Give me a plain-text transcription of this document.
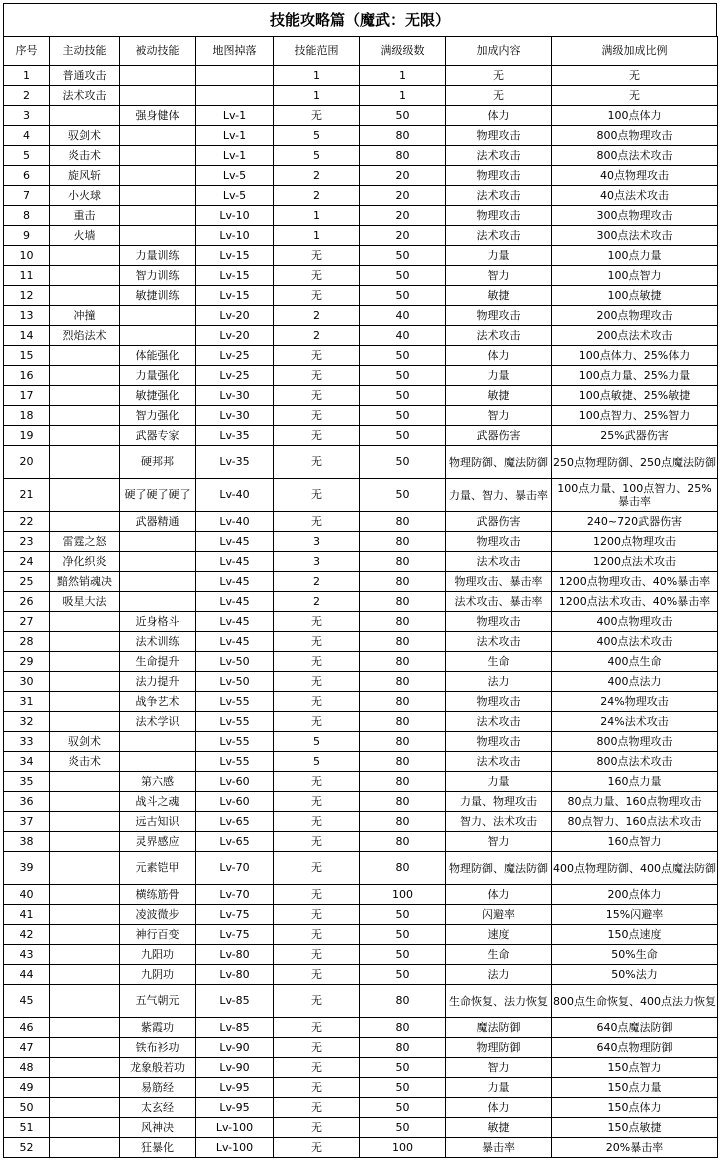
技能攻略篇（魔武：无限）
序号	主动技能	被动技能	地图掉落	技能范围	满级级数	加成内容	满级加成比例
1	普通攻击			1	1	无	无
2	法术攻击			1	1	无	无
3		强身健体	Lv-1	无	50	体力	100点体力
4	驭剑术		Lv-1	5	80	物理攻击	800点物理攻击
5	炎击术		Lv-1	5	80	法术攻击	800点法术攻击
6	旋风斩		Lv-5	2	20	物理攻击	40点物理攻击
7	小火球		Lv-5	2	20	法术攻击	40点法术攻击
8	重击		Lv-10	1	20	物理攻击	300点物理攻击
9	火墙		Lv-10	1	20	法术攻击	300点法术攻击
10		力量训练	Lv-15	无	50	力量	100点力量
11		智力训练	Lv-15	无	50	智力	100点智力
12		敏捷训练	Lv-15	无	50	敏捷	100点敏捷
13	冲撞		Lv-20	2	40	物理攻击	200点物理攻击
14	烈焰法术		Lv-20	2	40	法术攻击	200点法术攻击
15		体能强化	Lv-25	无	50	体力	100点体力、25%体力
16		力量强化	Lv-25	无	50	力量	100点力量、25%力量
17		敏捷强化	Lv-30	无	50	敏捷	100点敏捷、25%敏捷
18		智力强化	Lv-30	无	50	智力	100点智力、25%智力
19		武器专家	Lv-35	无	50	武器伤害	25%武器伤害
20		硬邦邦	Lv-35	无	50	物理防御、魔法防御	250点物理防御、250点魔法防御
21		硬了硬了硬了	Lv-40	无	50	力量、智力、暴击率	100点力量、100点智力、25%暴击率
22		武器精通	Lv-40	无	80	武器伤害	240~720武器伤害
23	雷霆之怒		Lv-45	3	80	物理攻击	1200点物理攻击
24	净化织炎		Lv-45	3	80	法术攻击	1200点法术攻击
25	黯然销魂决		Lv-45	2	80	物理攻击、暴击率	1200点物理攻击、40%暴击率
26	吸星大法		Lv-45	2	80	法术攻击、暴击率	1200点法术攻击、40%暴击率
27		近身格斗	Lv-45	无	80	物理攻击	400点物理攻击
28		法术训练	Lv-45	无	80	法术攻击	400点法术攻击
29		生命提升	Lv-50	无	80	生命	400点生命
30		法力提升	Lv-50	无	80	法力	400点法力
31		战争艺术	Lv-55	无	80	物理攻击	24%物理攻击
32		法术学识	Lv-55	无	80	法术攻击	24%法术攻击
33	驭剑术		Lv-55	5	80	物理攻击	800点物理攻击
34	炎击术		Lv-55	5	80	法术攻击	800点法术攻击
35		第六感	Lv-60	无	80	力量	160点力量
36		战斗之魂	Lv-60	无	80	力量、物理攻击	80点力量、160点物理攻击
37		远古知识	Lv-65	无	80	智力、法术攻击	80点智力、160点法术攻击
38		灵界感应	Lv-65	无	80	智力	160点智力
39		元素铠甲	Lv-70	无	80	物理防御、魔法防御	400点物理防御、400点魔法防御
40		横练筋骨	Lv-70	无	100	体力	200点体力
41		凌波微步	Lv-75	无	50	闪避率	15%闪避率
42		神行百变	Lv-75	无	50	速度	150点速度
43		九阳功	Lv-80	无	50	生命	50%生命
44		九阴功	Lv-80	无	50	法力	50%法力
45		五气朝元	Lv-85	无	80	生命恢复、法力恢复	800点生命恢复、400点法力恢复
46		紫霞功	Lv-85	无	80	魔法防御	640点魔法防御
47		铁布衫功	Lv-90	无	80	物理防御	640点物理防御
48		龙象般若功	Lv-90	无	50	智力	150点智力
49		易筋经	Lv-95	无	50	力量	150点力量
50		太玄经	Lv-95	无	50	体力	150点体力
51		风神决	Lv-100	无	50	敏捷	150点敏捷
52		狂暴化	Lv-100	无	100	暴击率	20%暴击率
